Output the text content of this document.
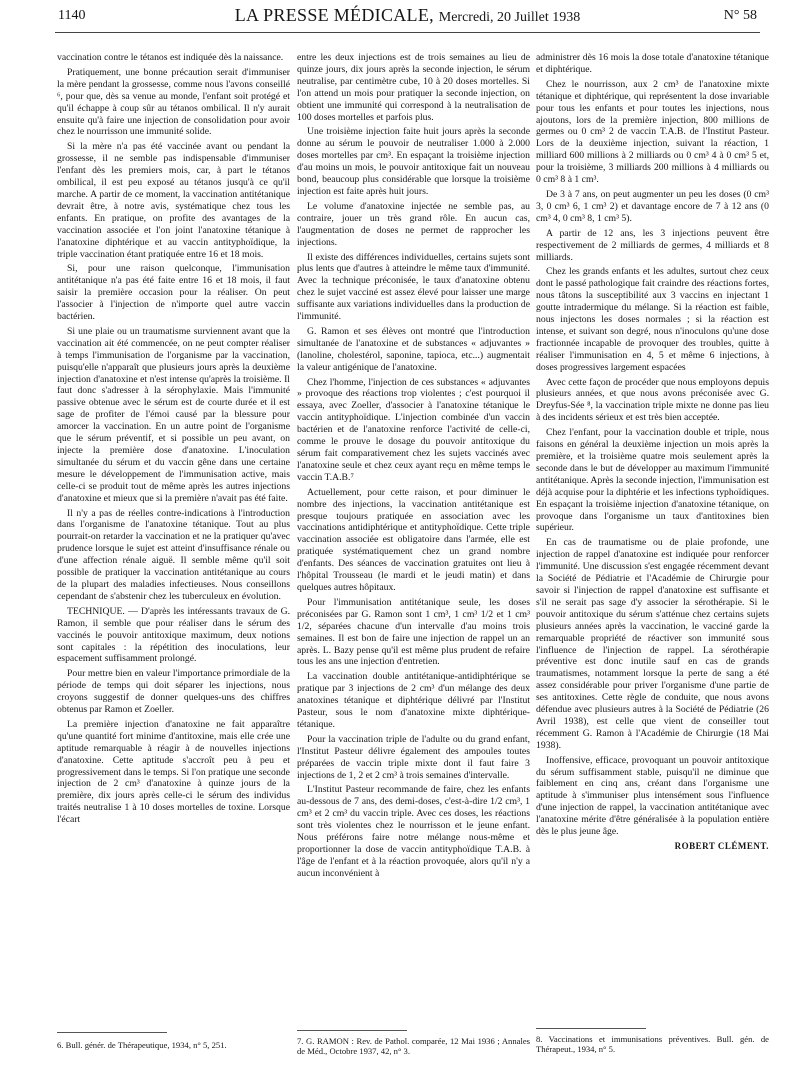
1140	LA PRESSE MÉDICALE, Mercredi, 20 Juillet 1938	N° 58

vaccination contre le tétanos est indiquée dès la naissance.

Pratiquement, une bonne précaution serait d'immuniser la mère pendant la grossesse, comme nous l'avons conseillé ⁶, pour que, dès sa venue au monde, l'enfant soit protégé et qu'il échappe à coup sûr au tétanos ombilical. Il n'y aurait ensuite qu'à faire une injection de consolidation pour avoir chez le nourrisson une immunité solide.

Si la mère n'a pas été vaccinée avant ou pendant la grossesse, il ne semble pas indispensable d'immuniser l'enfant dès les premiers mois, car, à part le tétanos ombilical, il est peu exposé au tétanos jusqu'à ce qu'il marche. A partir de ce moment, la vaccination antitétanique devrait être, à notre avis, systématique chez tous les enfants. En pratique, on profite des avantages de la vaccination associée et l'on joint l'anatoxine tétanique à l'anatoxine diphtérique et au vaccin antityphoïdique, la triple vaccination étant pratiquée entre 16 et 18 mois.

Si, pour une raison quelconque, l'immunisation antitétanique n'a pas été faite entre 16 et 18 mois, il faut saisir la première occasion pour la réaliser. On peut l'associer à l'injection de n'importe quel autre vaccin bactérien.

Si une plaie ou un traumatisme surviennent avant que la vaccination ait été commencée, on ne peut compter réaliser à temps l'immunisation de l'organisme par la vaccination, puisqu'elle n'apparaît que plusieurs jours après la deuxième injection d'anatoxine et n'est intense qu'après la troisième. Il faut donc s'adresser à la sérophylaxie. Mais l'immunité passive obtenue avec le sérum est de courte durée et il est sage de profiter de l'émoi causé par la blessure pour amorcer la vaccination. En un autre point de l'organisme que le sérum préventif, et si possible un peu avant, on injecte la première dose d'anatoxine. L'inoculation simultanée du sérum et du vaccin gêne dans une certaine mesure le développement de l'immunisation active, mais celle-ci se produit tout de même après les autres injections d'anatoxine et mieux que si la première n'avait pas été faite.

Il n'y a pas de réelles contre-indications à l'introduction dans l'organisme de l'anatoxine tétanique. Tout au plus pourrait-on retarder la vaccination et ne la pratiquer qu'avec prudence lorsque le sujet est atteint d'insuffisance rénale ou d'une affection rénale aiguë. Il semble même qu'il soit possible de pratiquer la vaccination antitétanique au cours de la plupart des maladies infectieuses. Nous conseillons cependant de s'abstenir chez les tuberculeux en évolution.

TECHNIQUE. — D'après les intéressants travaux de G. Ramon, il semble que pour réaliser dans le sérum des vaccinés le pouvoir antitoxique maximum, deux notions sont capitales : la répétition des inoculations, leur espacement suffisamment prolongé.

Pour mettre bien en valeur l'importance primordiale de la période de temps qui doit séparer les injections, nous croyons suggestif de donner quelques-uns des chiffres obtenus par Ramon et Zoeller.

La première injection d'anatoxine ne fait apparaître qu'une quantité fort minime d'antitoxine, mais elle crée une aptitude remarquable à réagir à de nouvelles injections d'anatoxine. Cette aptitude s'accroît peu à peu et progressivement dans le temps. Si l'on pratique une seconde injection de 2 cm³ d'anatoxine à quinze jours de la première, dix jours après celle-ci le sérum des individus traités neutralise 1 à 10 doses mortelles de toxine. Lorsque l'écart

6. Bull. génér. de Thérapeutique, 1934, n° 5, 251.

entre les deux injections est de trois semaines au lieu de quinze jours, dix jours après la seconde injection, le sérum neutralise, par centimètre cube, 10 à 20 doses mortelles. Si l'on attend un mois pour pratiquer la seconde injection, on obtient une immunité qui correspond à la neutralisation de 100 doses mortelles et parfois plus.

Une troisième injection faite huit jours après la seconde donne au sérum le pouvoir de neutraliser 1.000 à 2.000 doses mortelles par cm³. En espaçant la troisième injection d'au moins un mois, le pouvoir antitoxique fait un nouveau bond, beaucoup plus considérable que lorsque la troisième injection est faite après huit jours.

Le volume d'anatoxine injectée ne semble pas, au contraire, jouer un très grand rôle. En aucun cas, l'augmentation de doses ne permet de rapprocher les injections.

Il existe des différences individuelles, certains sujets sont plus lents que d'autres à atteindre le même taux d'immunité. Avec la technique préconisée, le taux d'anatoxine obtenu chez le sujet vacciné est assez élevé pour laisser une marge suffisante aux variations individuelles dans la production de l'immunité.

G. Ramon et ses élèves ont montré que l'introduction simultanée de l'anatoxine et de substances « adjuvantes » (lanoline, cholestérol, saponine, tapioca, etc...) augmentait la valeur antigénique de l'anatoxine.

Chez l'homme, l'injection de ces substances « adjuvantes » provoque des réactions trop violentes ; c'est pourquoi il essaya, avec Zoeller, d'associer à l'anatoxine tétanique le vaccin antityphoïdique. L'injection combinée d'un vaccin bactérien et de l'anatoxine renforce l'activité de celle-ci, comme le prouve le dosage du pouvoir antitoxique du sérum fait comparativement chez les sujets vaccinés avec l'anatoxine seule et chez ceux ayant reçu en même temps le vaccin T.A.B.⁷

Actuellement, pour cette raison, et pour diminuer le nombre des injections, la vaccination antitétanique est presque toujours pratiquée en association avec les vaccinations antidiphtérique et antityphoïdique. Cette triple vaccination associée est obligatoire dans l'armée, elle est pratiquée systématiquement chez un grand nombre d'enfants. Des séances de vaccination gratuites ont lieu à l'hôpital Trousseau (le mardi et le jeudi matin) et dans quelques autres hôpitaux.

Pour l'immunisation antitétanique seule, les doses préconisées par G. Ramon sont 1 cm³, 1 cm³ 1/2 et 1 cm³ 1/2, séparées chacune d'un intervalle d'au moins trois semaines. Il est bon de faire une injection de rappel un an après. L. Bazy pense qu'il est même plus prudent de refaire tous les ans une injection d'entretien.

La vaccination double antitétanique-antidiphtérique se pratique par 3 injections de 2 cm³ d'un mélange des deux anatoxines tétanique et diphtérique délivré par l'Institut Pasteur, sous le nom d'anatoxine mixte diphtérique-tétanique.

Pour la vaccination triple de l'adulte ou du grand enfant, l'Institut Pasteur délivre également des ampoules toutes préparées de vaccin triple mixte dont il faut faire 3 injections de 1, 2 et 2 cm³ à trois semaines d'intervalle.

L'Institut Pasteur recommande de faire, chez les enfants au-dessous de 7 ans, des demi-doses, c'est-à-dire 1/2 cm³, 1 cm³ et 2 cm³ du vaccin triple. Avec ces doses, les réactions sont très violentes chez le nourrisson et le jeune enfant. Nous préférons faire notre mélange nous-même et proportionner la dose de vaccin antityphoïdique T.A.B. à l'âge de l'enfant et à la réaction provoquée, alors qu'il n'y a aucun inconvénient à

7. G. RAMON : Rev. de Pathol. comparée, 12 Mai 1936 ; Annales de Méd., Octobre 1937, 42, n° 3.

administrer dès 16 mois la dose totale d'anatoxine tétanique et diphtérique.

Chez le nourrisson, aux 2 cm³ de l'anatoxine mixte tétanique et diphtérique, qui représentent la dose invariable pour tous les enfants et pour toutes les injections, nous ajoutons, lors de la première injection, 800 millions de germes ou 0 cm³ 2 de vaccin T.A.B. de l'Institut Pasteur. Lors de la deuxième injection, suivant la réaction, 1 milliard 600 millions à 2 milliards ou 0 cm³ 4 à 0 cm³ 5 et, pour la troisième, 3 milliards 200 millions à 4 milliards ou 0 cm³ 8 à 1 cm³.

De 3 à 7 ans, on peut augmenter un peu les doses (0 cm³ 3, 0 cm³ 6, 1 cm³ 2) et davantage encore de 7 à 12 ans (0 cm³ 4, 0 cm³ 8, 1 cm³ 5).

A partir de 12 ans, les 3 injections peuvent être respectivement de 2 milliards de germes, 4 milliards et 8 milliards.

Chez les grands enfants et les adultes, surtout chez ceux dont le passé pathologique fait craindre des réactions fortes, nous tâtons la susceptibilité aux 3 vaccins en injectant 1 goutte intradermique du mélange. Si la réaction est faible, nous injectons les doses normales ; si la réaction est intense, et suivant son degré, nous n'inoculons qu'une dose fractionnée incapable de provoquer des troubles, quitte à réaliser l'immunisation en 4, 5 et même 6 injections, à doses progressives largement espacées

Avec cette façon de procéder que nous employons depuis plusieurs années, et que nous avons préconisée avec G. Dreyfus-Sée ⁸, la vaccination triple mixte ne donne pas lieu à des incidents sérieux et est très bien acceptée.

Chez l'enfant, pour la vaccination double et triple, nous faisons en général la deuxième injection un mois après la première, et la troisième quatre mois seulement après la seconde dans le but de développer au maximum l'immunité antitétanique. Après la seconde injection, l'immunisation est déjà acquise pour la diphtérie et les infections typhoïdiques. En espaçant la troisième injection d'anatoxine tétanique, on provoque dans l'organisme un taux d'antitoxines bien supérieur.

En cas de traumatisme ou de plaie profonde, une injection de rappel d'anatoxine est indiquée pour renforcer l'immunité. Une discussion s'est engagée récemment devant la Société de Pédiatrie et l'Académie de Chirurgie pour savoir si l'injection de rappel d'anatoxine est suffisante et s'il ne serait pas sage d'y associer la sérothérapie. Si le pouvoir antitoxique du sérum s'atténue chez certains sujets plusieurs années après la vaccination, le vacciné garde la remarquable propriété de réactiver son immunité sous l'influence de l'injection de rappel. La sérothérapie préventive est donc inutile sauf en cas de grands traumatismes, notamment lorsque la perte de sang a été assez considérable pour priver l'organisme d'une partie de ses antitoxines. Cette règle de conduite, que nous avons défendue avec plusieurs autres à la Société de Pédiatrie (26 Avril 1938), est celle que vient de conseiller tout récemment G. Ramon à l'Académie de Chirurgie (18 Mai 1938).

Inoffensive, efficace, provoquant un pouvoir antitoxique du sérum suffisamment stable, puisqu'il ne diminue que faiblement en cinq ans, créant dans l'organisme une aptitude à s'immuniser plus intensément sous l'influence d'une injection de rappel, la vaccination antitétanique avec l'anatoxine mérite d'être généralisée à la population entière dès le plus jeune âge.

ROBERT CLÉMENT.
8. Vaccinations et immunisations préventives. Bull. gén. de Thérapeut., 1934, n° 5.
